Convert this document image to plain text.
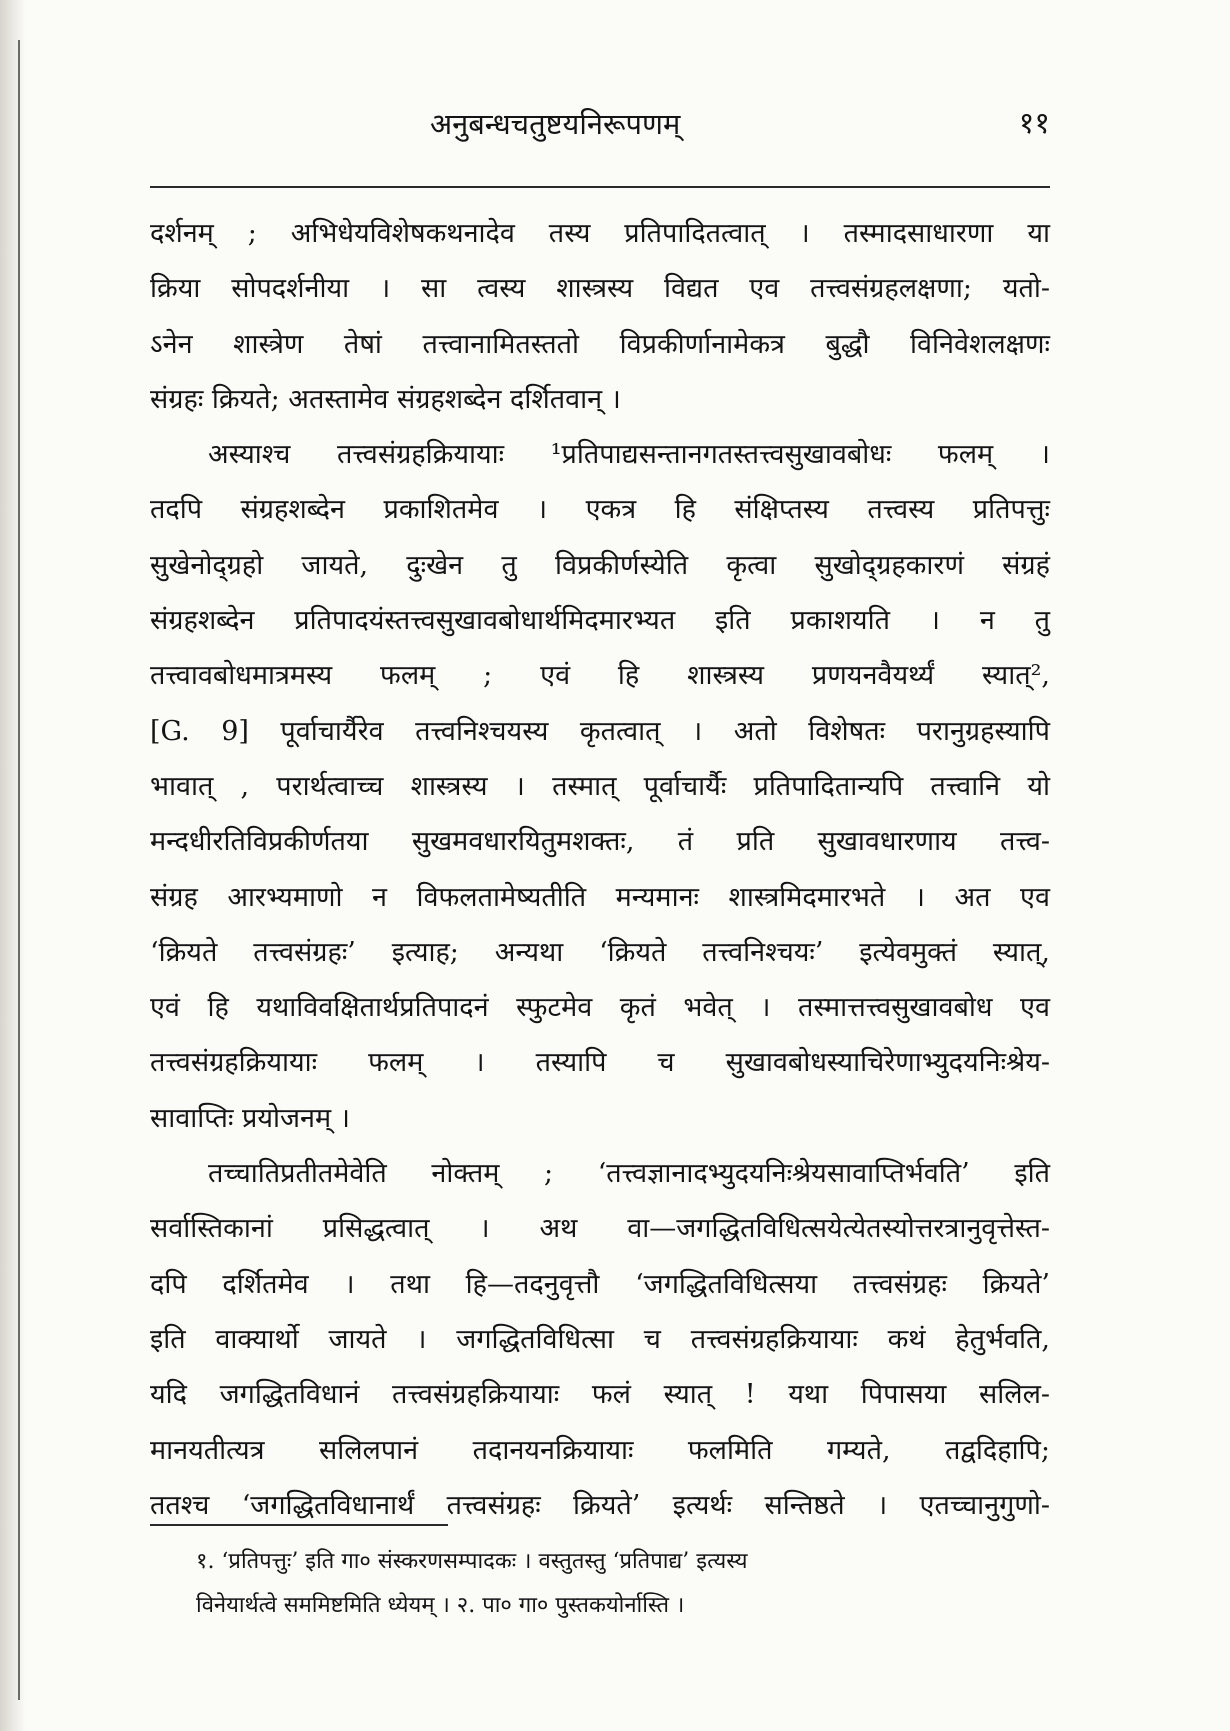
अनुबन्धचतुष्टयनिरूपणम्	११

दर्शनम् ; अभिधेयविशेषकथनादेव तस्य प्रतिपादितत्वात् । तस्मादसाधारणा या
क्रिया सोपदर्शनीया । सा त्वस्य शास्त्रस्य विद्यत एव तत्त्वसंग्रहलक्षणा; यतो-
ऽनेन शास्त्रेण तेषां तत्त्वानामितस्ततो विप्रकीर्णानामेकत्र बुद्धौ विनिवेशलक्षणः
संग्रहः क्रियते; अतस्तामेव संग्रहशब्देन दर्शितवान् ।

अस्याश्च तत्त्वसंग्रहक्रियायाः ¹प्रतिपाद्यसन्तानगतस्तत्त्वसुखावबोधः फलम् ।
तदपि संग्रहशब्देन प्रकाशितमेव । एकत्र हि संक्षिप्तस्य तत्त्वस्य प्रतिपत्तुः
सुखेनोद्ग्रहो जायते, दुःखेन तु विप्रकीर्णस्येति कृत्वा सुखोद्ग्रहकारणं संग्रहं
संग्रहशब्देन प्रतिपादयंस्तत्त्वसुखावबोधार्थमिदमारभ्यत इति प्रकाशयति । न तु
तत्त्वावबोधमात्रमस्य फलम् ; एवं हि शास्त्रस्य प्रणयनवैयर्थ्यं स्यात्²,
[G. 9] पूर्वाचार्यैरेव तत्त्वनिश्चयस्य कृतत्वात् । अतो विशेषतः परानुग्रहस्यापि
भावात् , परार्थत्वाच्च शास्त्रस्य । तस्मात् पूर्वाचार्यैः प्रतिपादितान्यपि तत्त्वानि यो
मन्दधीरतिविप्रकीर्णतया सुखमवधारयितुमशक्तः, तं प्रति सुखावधारणाय तत्त्व-
संग्रह आरभ्यमाणो न विफलतामेष्यतीति मन्यमानः शास्त्रमिदमारभते । अत एव
‘क्रियते तत्त्वसंग्रहः’ इत्याह; अन्यथा ‘क्रियते तत्त्वनिश्चयः’ इत्येवमुक्तं स्यात्,
एवं हि यथाविवक्षितार्थप्रतिपादनं स्फुटमेव कृतं भवेत् । तस्मात्तत्त्वसुखावबोध एव
तत्त्वसंग्रहक्रियायाः फलम् । तस्यापि च सुखावबोधस्याचिरेणाभ्युदयनिःश्रेय-
सावाप्तिः प्रयोजनम् ।

तच्चातिप्रतीतमेवेति नोक्तम् ; ‘तत्त्वज्ञानादभ्युदयनिःश्रेयसावाप्तिर्भवति’ इति
सर्वास्तिकानां प्रसिद्धत्वात् । अथ वा—जगद्धितविधित्सयेत्येतस्योत्तरत्रानुवृत्तेस्त-
दपि दर्शितमेव । तथा हि—तदनुवृत्तौ ‘जगद्धितविधित्सया तत्त्वसंग्रहः क्रियते’
इति वाक्यार्थो जायते । जगद्धितविधित्सा च तत्त्वसंग्रहक्रियायाः कथं हेतुर्भवति,
यदि जगद्धितविधानं तत्त्वसंग्रहक्रियायाः फलं स्यात् ! यथा पिपासया सलिल-
मानयतीत्यत्र सलिलपानं तदानयनक्रियायाः फलमिति गम्यते, तद्वदिहापि;
ततश्च ‘जगद्धितविधानार्थं तत्त्वसंग्रहः क्रियते’ इत्यर्थः सन्तिष्ठते । एतच्चानुगुणो-

१. ‘प्रतिपत्तुः’ इति गा० संस्करणसम्पादकः । वस्तुतस्तु ‘प्रतिपाद्य’ इत्यस्य
विनेयार्थत्वे सममिष्टमिति ध्येयम् । २. पा० गा० पुस्तकयोर्नास्ति ।
